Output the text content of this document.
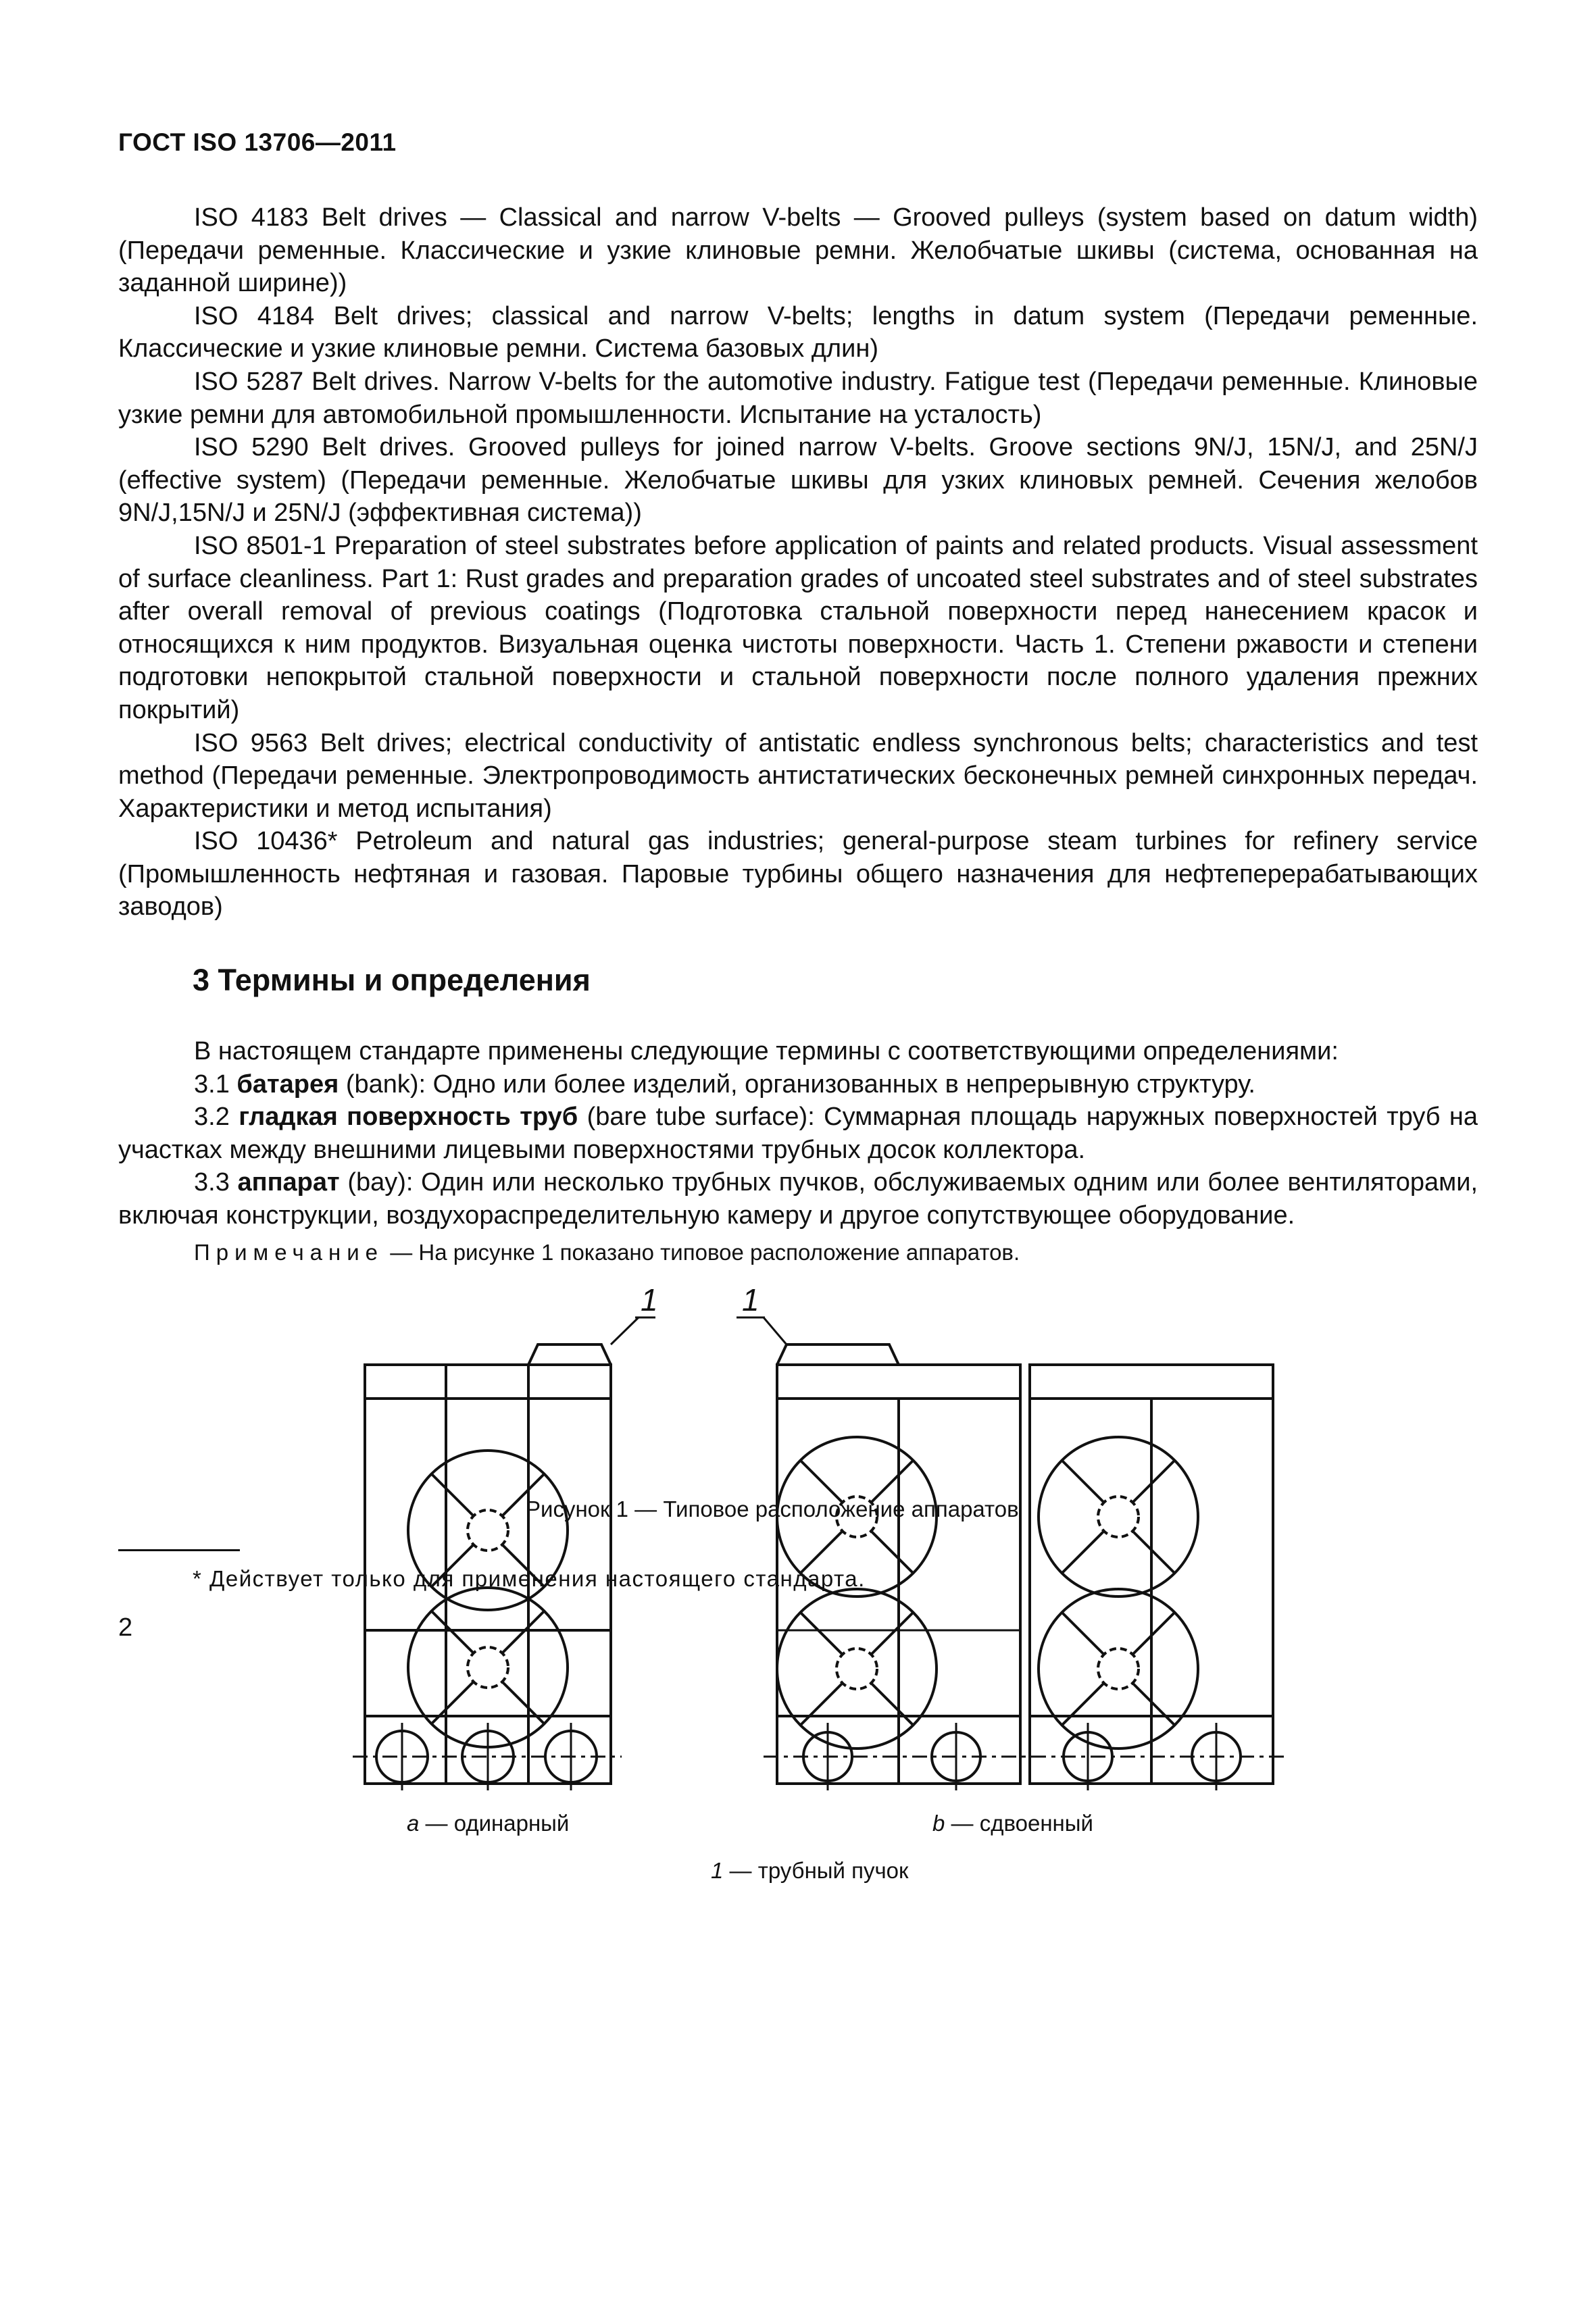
ГОСТ ISO 13706—2011

ISO 4183 Belt drives — Classical and narrow V-belts — Grooved pulleys (system based on datum width) (Передачи ременные. Классические и узкие клиновые ремни. Желобчатые шкивы (система, основанная на заданной ширине))

ISO 4184 Belt drives; classical and narrow V-belts; lengths in datum system (Передачи ременные. Классические и узкие клиновые ремни. Система базовых длин)

ISO 5287 Belt drives. Narrow V-belts for the automotive industry. Fatigue test (Передачи ременные. Клиновые узкие ремни для автомобильной промышленности. Испытание на усталость)

ISO 5290 Belt drives. Grooved pulleys for joined narrow V-belts. Groove sections 9N/J, 15N/J, and 25N/J (effective system) (Передачи ременные. Желобчатые шкивы для узких клиновых ремней. Сечения желобов 9N/J,15N/J и 25N/J (эффективная система))

ISO 8501-1 Preparation of steel substrates before application of paints and related products. Visual assessment of surface cleanliness. Part 1: Rust grades and preparation grades of uncoated steel substrates and of steel substrates after overall removal of previous coatings (Подготовка стальной поверхности перед нанесением красок и относящихся к ним продуктов. Визуальная оценка чистоты поверхности. Часть 1. Степени ржавости и степени подготовки непокрытой стальной поверхности и стальной поверхности после полного удаления прежних покрытий)

ISO 9563 Belt drives; electrical conductivity of antistatic endless synchronous belts; characteristics and test method (Передачи ременные. Электропроводимость антистатических бесконечных ремней синхронных передач. Характеристики и метод испытания)

ISO 10436* Petroleum and natural gas industries; general-purpose steam turbines for refinery service (Промышленность нефтяная и газовая. Паровые турбины общего назначения для нефтеперерабатывающих заводов)

3 Термины и определения

В настоящем стандарте применены следующие термины с соответствующими определениями:

3.1 батарея (bank): Одно или более изделий, организованных в непрерывную структуру.

3.2 гладкая поверхность труб (bare tube surface): Суммарная площадь наружных поверхностей труб на участках между внешними лицевыми поверхностями трубных досок коллектора.

3.3 аппарат (bay): Один или несколько трубных пучков, обслуживаемых одним или более вентиляторами, включая конструкции, воздухораспределительную камеру и другое сопутствующее оборудование.

Примечание — На рисунке 1 показано типовое расположение аппаратов.

1	1
a — одинарный	b — сдвоенный
1 — трубный пучок
Рисунок 1 — Типовое расположение аппаратов
* Действует только для применения настоящего стандарта.
2
